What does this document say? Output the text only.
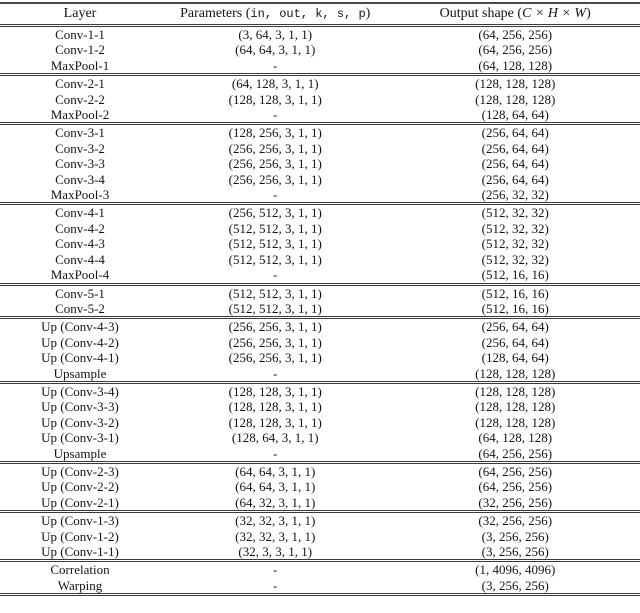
Layer	Parameters (in, out, k, s, p)	Output shape (C × H × W)
Conv-1-1	(3, 64, 3, 1, 1)	(64, 256, 256)
Conv-1-2	(64, 64, 3, 1, 1)	(64, 256, 256)
MaxPool-1	-	(64, 128, 128)
Conv-2-1	(64, 128, 3, 1, 1)	(128, 128, 128)
Conv-2-2	(128, 128, 3, 1, 1)	(128, 128, 128)
MaxPool-2	-	(128, 64, 64)
Conv-3-1	(128, 256, 3, 1, 1)	(256, 64, 64)
Conv-3-2	(256, 256, 3, 1, 1)	(256, 64, 64)
Conv-3-3	(256, 256, 3, 1, 1)	(256, 64, 64)
Conv-3-4	(256, 256, 3, 1, 1)	(256, 64, 64)
MaxPool-3	-	(256, 32, 32)
Conv-4-1	(256, 512, 3, 1, 1)	(512, 32, 32)
Conv-4-2	(512, 512, 3, 1, 1)	(512, 32, 32)
Conv-4-3	(512, 512, 3, 1, 1)	(512, 32, 32)
Conv-4-4	(512, 512, 3, 1, 1)	(512, 32, 32)
MaxPool-4	-	(512, 16, 16)
Conv-5-1	(512, 512, 3, 1, 1)	(512, 16, 16)
Conv-5-2	(512, 512, 3, 1, 1)	(512, 16, 16)
Up (Conv-4-3)	(256, 256, 3, 1, 1)	(256, 64, 64)
Up (Conv-4-2)	(256, 256, 3, 1, 1)	(256, 64, 64)
Up (Conv-4-1)	(256, 256, 3, 1, 1)	(128, 64, 64)
Upsample	-	(128, 128, 128)
Up (Conv-3-4)	(128, 128, 3, 1, 1)	(128, 128, 128)
Up (Conv-3-3)	(128, 128, 3, 1, 1)	(128, 128, 128)
Up (Conv-3-2)	(128, 128, 3, 1, 1)	(128, 128, 128)
Up (Conv-3-1)	(128, 64, 3, 1, 1)	(64, 128, 128)
Upsample	-	(64, 256, 256)
Up (Conv-2-3)	(64, 64, 3, 1, 1)	(64, 256, 256)
Up (Conv-2-2)	(64, 64, 3, 1, 1)	(64, 256, 256)
Up (Conv-2-1)	(64, 32, 3, 1, 1)	(32, 256, 256)
Up (Conv-1-3)	(32, 32, 3, 1, 1)	(32, 256, 256)
Up (Conv-1-2)	(32, 32, 3, 1, 1)	(3, 256, 256)
Up (Conv-1-1)	(32, 3, 3, 1, 1)	(3, 256, 256)
Correlation	-	(1, 4096, 4096)
Warping	-	(3, 256, 256)
